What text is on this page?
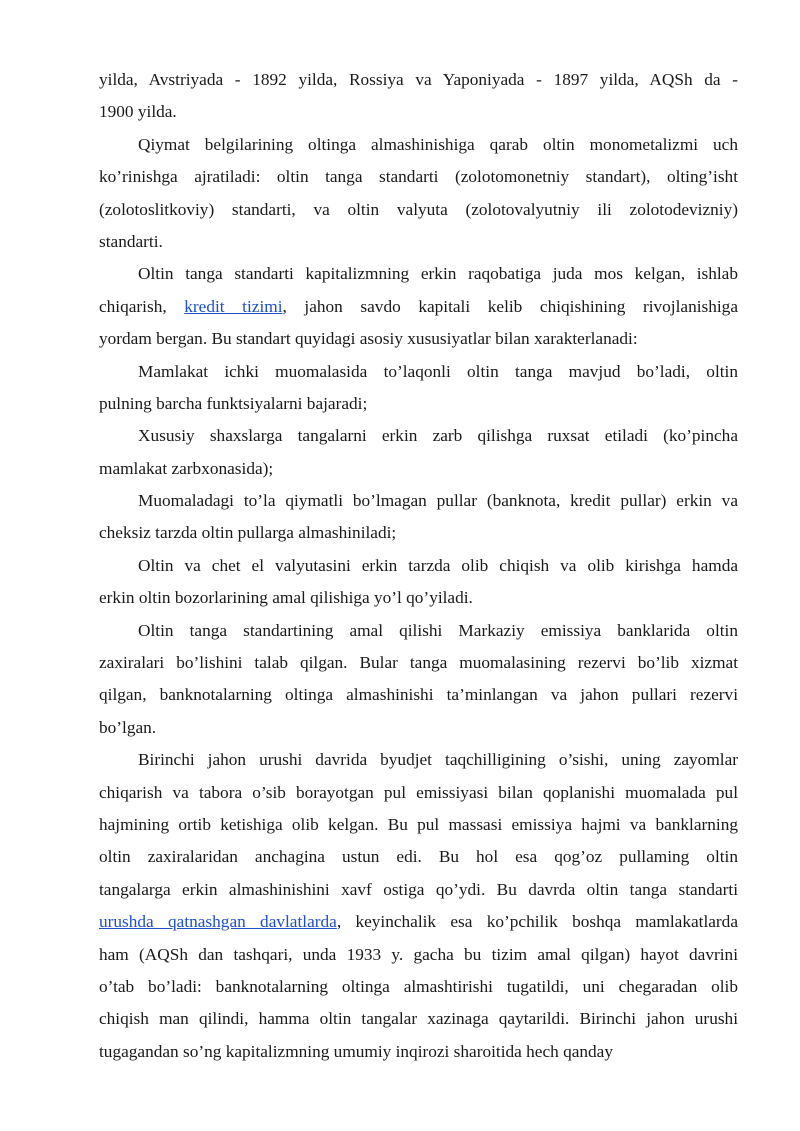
yilda, Avstriyada - 1892 yilda, Rossiya va Yaponiyada - 1897 yilda, AQSh da -
1900 yilda.
Qiymat belgilarining oltinga almashinishiga qarab oltin monometalizmi uch
ko’rinishga ajratiladi: oltin tanga standarti (zolotomonetniy standart), olting’isht
(zolotoslitkoviy) standarti, va oltin valyuta (zolotovalyutniy ili zolotodevizniy)
standarti.
Oltin tanga standarti kapitalizmning erkin raqobatiga juda mos kelgan, ishlab
chiqarish, kredit tizimi, jahon savdo kapitali kelib chiqishining rivojlanishiga
yordam bergan. Bu standart quyidagi asosiy xususiyatlar bilan xarakterlanadi:
Mamlakat ichki muomalasida to’laqonli oltin tanga mavjud bo’ladi, oltin
pulning barcha funktsiyalarni bajaradi;
Xususiy shaxslarga tangalarni erkin zarb qilishga ruxsat etiladi (ko’pincha
mamlakat zarbxonasida);
Muomaladagi to’la qiymatli bo’lmagan pullar (banknota, kredit pullar) erkin va
cheksiz tarzda oltin pullarga almashiniladi;
Oltin va chet el valyutasini erkin tarzda olib chiqish va olib kirishga hamda
erkin oltin bozorlarining amal qilishiga yo’l qo’yiladi.
Oltin tanga standartining amal qilishi Markaziy emissiya banklarida oltin
zaxiralari bo’lishini talab qilgan. Bular tanga muomalasining rezervi bo’lib xizmat
qilgan, banknotalarning oltinga almashinishi ta’minlangan va jahon pullari rezervi
bo’lgan.
Birinchi jahon urushi davrida byudjet taqchilligining o’sishi, uning zayomlar
chiqarish va tabora o’sib borayotgan pul emissiyasi bilan qoplanishi muomalada pul
hajmining ortib ketishiga olib kelgan. Bu pul massasi emissiya hajmi va banklarning
oltin zaxiralaridan anchagina ustun edi. Bu hol esa qog’oz pullaming oltin
tangalarga erkin almashinishini xavf ostiga qo’ydi. Bu davrda oltin tanga standarti
urushda qatnashgan davlatlarda, keyinchalik esa ko’pchilik boshqa mamlakatlarda
ham (AQSh dan tashqari, unda 1933 y. gacha bu tizim amal qilgan) hayot davrini
o’tab bo’ladi: banknotalarning oltinga almashtirishi tugatildi, uni chegaradan olib
chiqish man qilindi, hamma oltin tangalar xazinaga qaytarildi. Birinchi jahon urushi
tugagandan so’ng kapitalizmning umumiy inqirozi sharoitida hech qanday
